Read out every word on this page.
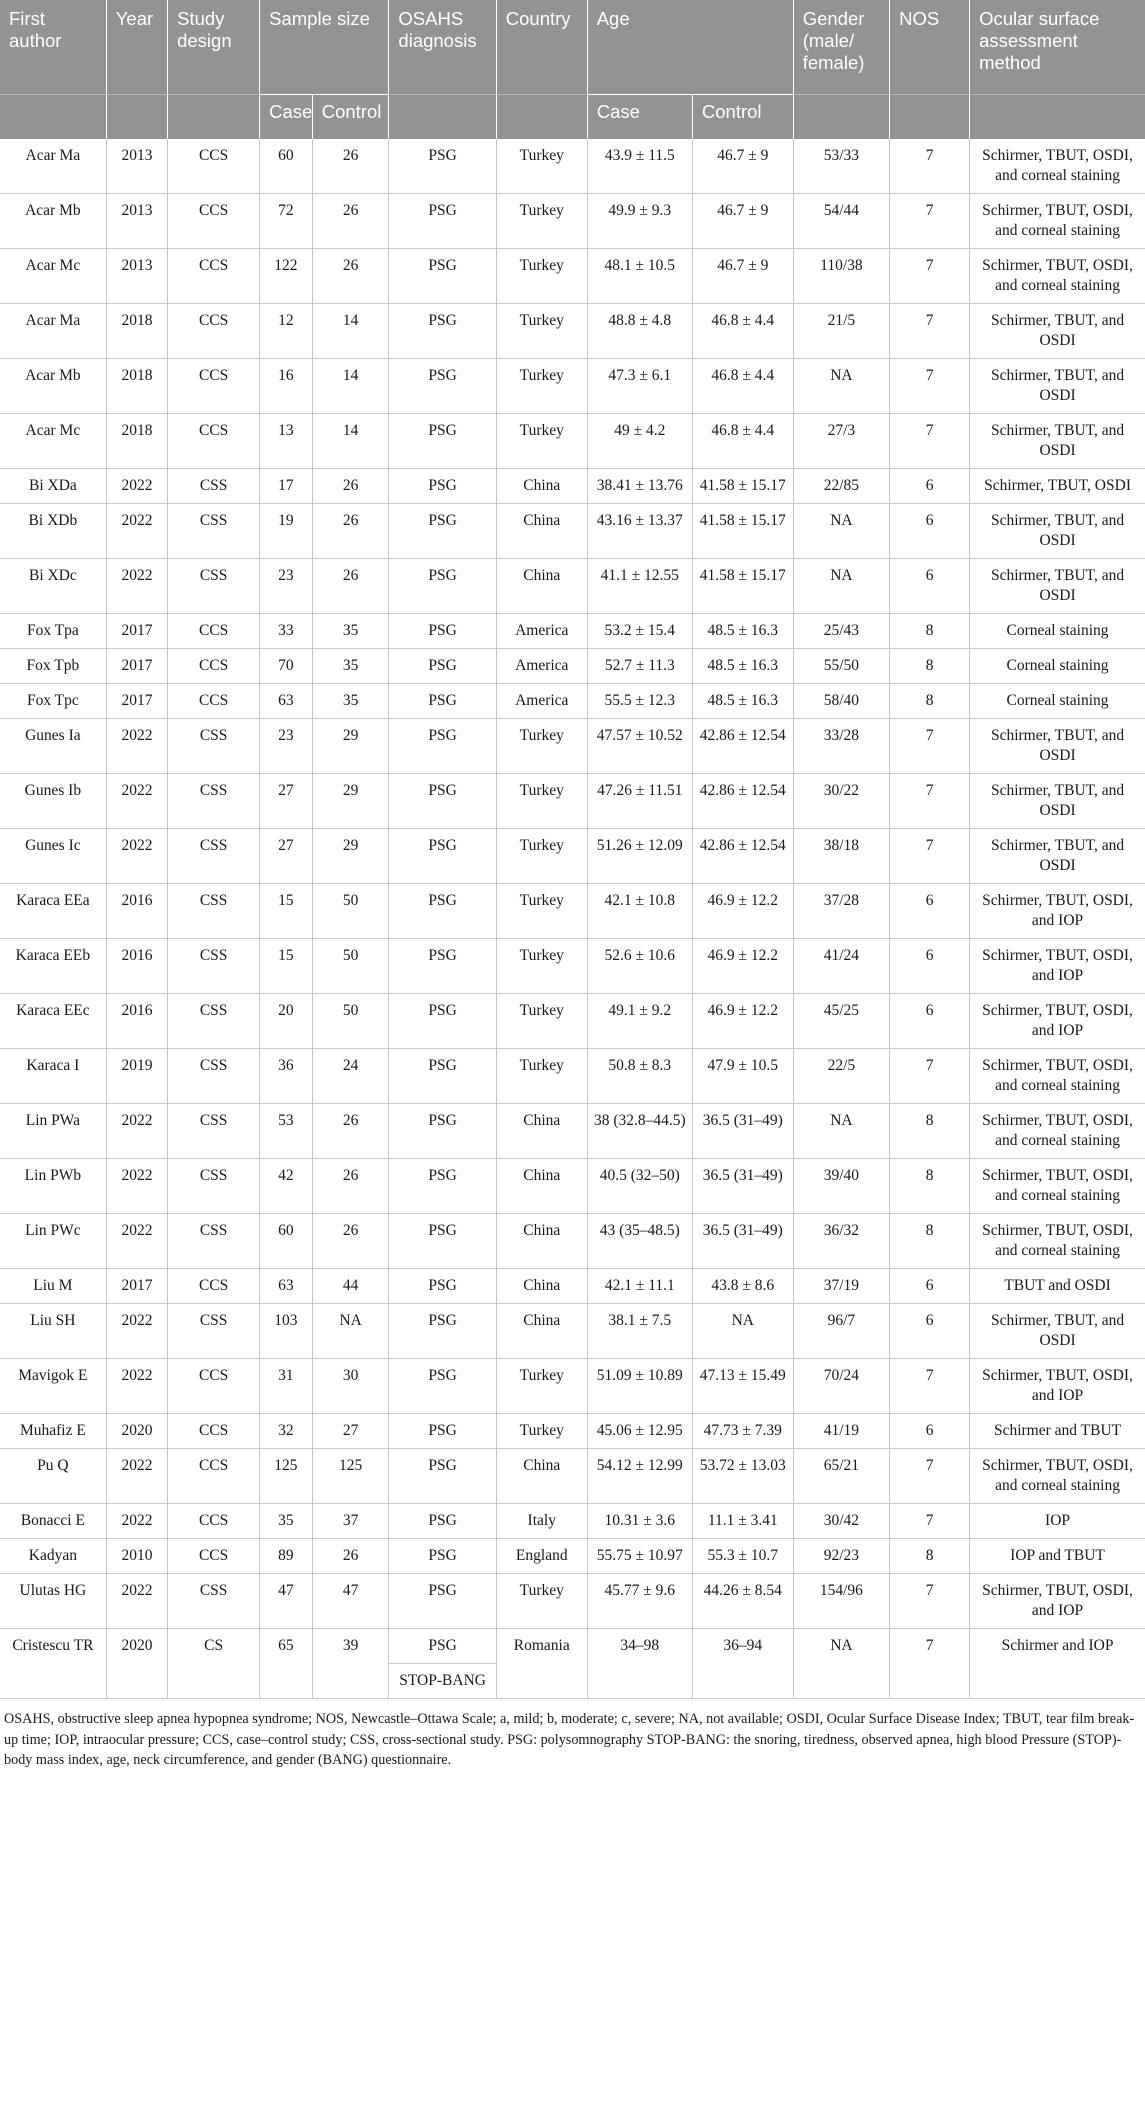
First author	Year	Study design	Sample size		OSAHS diagnosis	Country	Age		Gender (male/ female)	NOS	Ocular surface assessment method
			Case	Control			Case	Control			
Acar Ma	2013	CCS	60	26	PSG	Turkey	43.9 ± 11.5	46.7 ± 9	53/33	7	Schirmer, TBUT, OSDI, and corneal staining
Acar Mb	2013	CCS	72	26	PSG	Turkey	49.9 ± 9.3	46.7 ± 9	54/44	7	Schirmer, TBUT, OSDI, and corneal staining
Acar Mc	2013	CCS	122	26	PSG	Turkey	48.1 ± 10.5	46.7 ± 9	110/38	7	Schirmer, TBUT, OSDI, and corneal staining
Acar Ma	2018	CCS	12	14	PSG	Turkey	48.8 ± 4.8	46.8 ± 4.4	21/5	7	Schirmer, TBUT, and OSDI
Acar Mb	2018	CCS	16	14	PSG	Turkey	47.3 ± 6.1	46.8 ± 4.4	NA	7	Schirmer, TBUT, and OSDI
Acar Mc	2018	CCS	13	14	PSG	Turkey	49 ± 4.2	46.8 ± 4.4	27/3	7	Schirmer, TBUT, and OSDI
Bi XDa	2022	CSS	17	26	PSG	China	38.41 ± 13.76	41.58 ± 15.17	22/85	6	Schirmer, TBUT, OSDI
Bi XDb	2022	CSS	19	26	PSG	China	43.16 ± 13.37	41.58 ± 15.17	NA	6	Schirmer, TBUT, and OSDI
Bi XDc	2022	CSS	23	26	PSG	China	41.1 ± 12.55	41.58 ± 15.17	NA	6	Schirmer, TBUT, and OSDI
Fox Tpa	2017	CCS	33	35	PSG	America	53.2 ± 15.4	48.5 ± 16.3	25/43	8	Corneal staining
Fox Tpb	2017	CCS	70	35	PSG	America	52.7 ± 11.3	48.5 ± 16.3	55/50	8	Corneal staining
Fox Tpc	2017	CCS	63	35	PSG	America	55.5 ± 12.3	48.5 ± 16.3	58/40	8	Corneal staining
Gunes Ia	2022	CSS	23	29	PSG	Turkey	47.57 ± 10.52	42.86 ± 12.54	33/28	7	Schirmer, TBUT, and OSDI
Gunes Ib	2022	CSS	27	29	PSG	Turkey	47.26 ± 11.51	42.86 ± 12.54	30/22	7	Schirmer, TBUT, and OSDI
Gunes Ic	2022	CSS	27	29	PSG	Turkey	51.26 ± 12.09	42.86 ± 12.54	38/18	7	Schirmer, TBUT, and OSDI
Karaca EEa	2016	CSS	15	50	PSG	Turkey	42.1 ± 10.8	46.9 ± 12.2	37/28	6	Schirmer, TBUT, OSDI, and IOP
Karaca EEb	2016	CSS	15	50	PSG	Turkey	52.6 ± 10.6	46.9 ± 12.2	41/24	6	Schirmer, TBUT, OSDI, and IOP
Karaca EEc	2016	CSS	20	50	PSG	Turkey	49.1 ± 9.2	46.9 ± 12.2	45/25	6	Schirmer, TBUT, OSDI, and IOP
Karaca I	2019	CSS	36	24	PSG	Turkey	50.8 ± 8.3	47.9 ± 10.5	22/5	7	Schirmer, TBUT, OSDI, and corneal staining
Lin PWa	2022	CSS	53	26	PSG	China	38 (32.8–44.5)	36.5 (31–49)	NA	8	Schirmer, TBUT, OSDI, and corneal staining
Lin PWb	2022	CSS	42	26	PSG	China	40.5 (32–50)	36.5 (31–49)	39/40	8	Schirmer, TBUT, OSDI, and corneal staining
Lin PWc	2022	CSS	60	26	PSG	China	43 (35–48.5)	36.5 (31–49)	36/32	8	Schirmer, TBUT, OSDI, and corneal staining
Liu M	2017	CCS	63	44	PSG	China	42.1 ± 11.1	43.8 ± 8.6	37/19	6	TBUT and OSDI
Liu SH	2022	CSS	103	NA	PSG	China	38.1 ± 7.5	NA	96/7	6	Schirmer, TBUT, and OSDI
Mavigok E	2022	CCS	31	30	PSG	Turkey	51.09 ± 10.89	47.13 ± 15.49	70/24	7	Schirmer, TBUT, OSDI, and IOP
Muhafiz E	2020	CCS	32	27	PSG	Turkey	45.06 ± 12.95	47.73 ± 7.39	41/19	6	Schirmer and TBUT
Pu Q	2022	CCS	125	125	PSG	China	54.12 ± 12.99	53.72 ± 13.03	65/21	7	Schirmer, TBUT, OSDI, and corneal staining
Bonacci E	2022	CCS	35	37	PSG	Italy	10.31 ± 3.6	11.1 ± 3.41	30/42	7	IOP
Kadyan	2010	CCS	89	26	PSG	England	55.75 ± 10.97	55.3 ± 10.7	92/23	8	IOP and TBUT
Ulutas HG	2022	CSS	47	47	PSG	Turkey	45.77 ± 9.6	44.26 ± 8.54	154/96	7	Schirmer, TBUT, OSDI, and IOP
Cristescu TR	2020	CS	65	39	PSG	Romania	34–98	36–94	NA	7	Schirmer and IOP
					STOP-BANG						
OSAHS, obstructive sleep apnea hypopnea syndrome; NOS, Newcastle–Ottawa Scale; a, mild; b, moderate; c, severe; NA, not available; OSDI, Ocular Surface Disease Index; TBUT, tear film break-up time; IOP, intraocular pressure; CCS, case–control study; CSS, cross-sectional study. PSG: polysomnography STOP-BANG: the snoring, tiredness, observed apnea, high blood Pressure (STOP)-body mass index, age, neck circumference, and gender (BANG) questionnaire.
